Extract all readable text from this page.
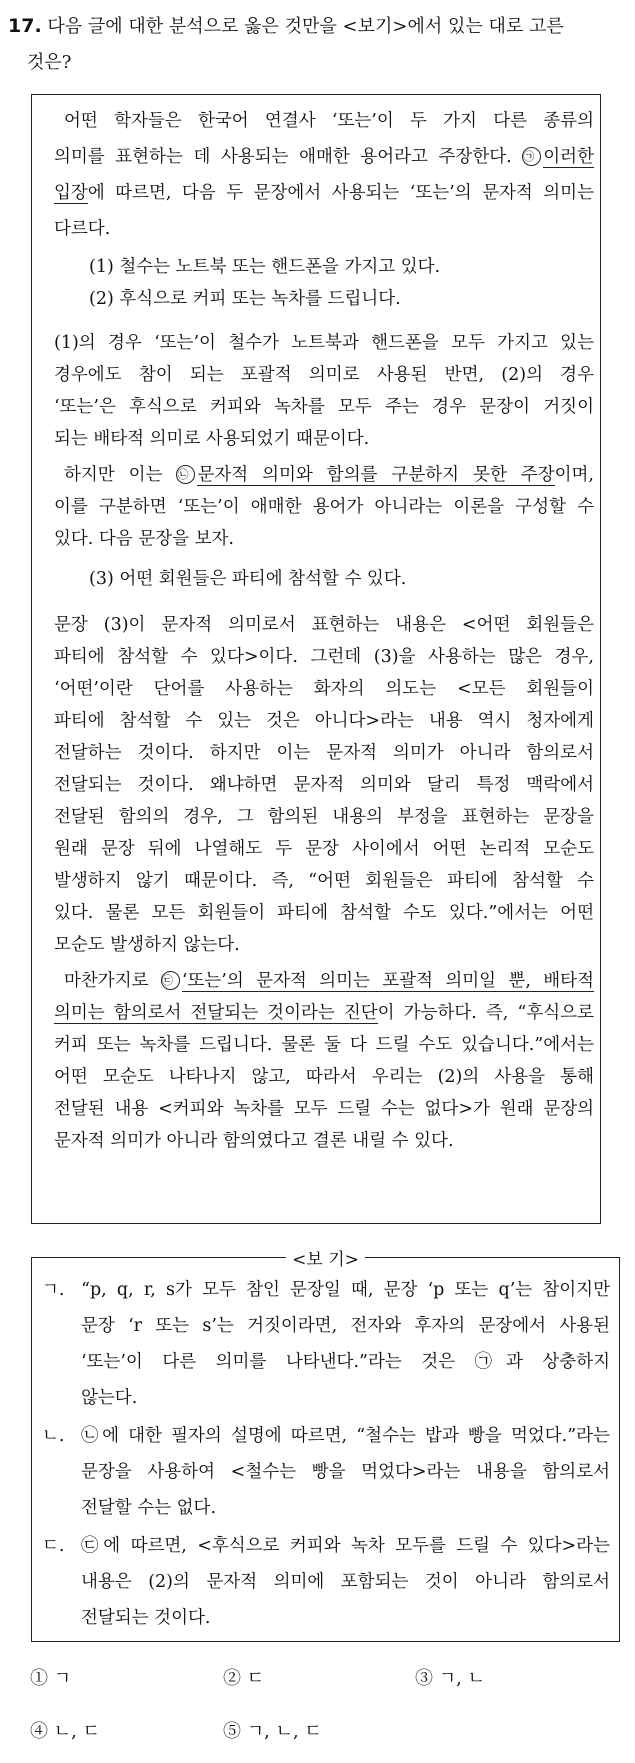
17. 다음 글에 대한 분석으로 옳은 것만을 <보기>에서 있는 대로 고른
것은?
어떤 학자들은 한국어 연결사 ‘또는’이 두 가지 다른 종류의
의미를 표현하는 데 사용되는 애매한 용어라고 주장한다. ㉠ 이러한
입장에 따르면, 다음 두 문장에서 사용되는 ‘또는’의 문자적 의미는
다르다.
(1) 철수는 노트북 또는 핸드폰을 가지고 있다.
(2) 후식으로 커피 또는 녹차를 드립니다.
(1)의 경우 ‘또는’이 철수가 노트북과 핸드폰을 모두 가지고 있는
경우에도 참이 되는 포괄적 의미로 사용된 반면, (2)의 경우
‘또는’은 후식으로 커피와 녹차를 모두 주는 경우 문장이 거짓이
되는 배타적 의미로 사용되었기 때문이다.
하지만 이는 ㉡ 문자적 의미와 함의를 구분하지 못한 주장이며,
이를 구분하면 ‘또는’이 애매한 용어가 아니라는 이론을 구성할 수
있다. 다음 문장을 보자.
(3) 어떤 회원들은 파티에 참석할 수 있다.
문장 (3)이 문자적 의미로서 표현하는 내용은 <어떤 회원들은
파티에 참석할 수 있다>이다. 그런데 (3)을 사용하는 많은 경우,
‘어떤’이란 단어를 사용하는 화자의 의도는 <모든 회원들이
파티에 참석할 수 있는 것은 아니다>라는 내용 역시 청자에게
전달하는 것이다. 하지만 이는 문자적 의미가 아니라 함의로서
전달되는 것이다. 왜냐하면 문자적 의미와 달리 특정 맥락에서
전달된 함의의 경우, 그 함의된 내용의 부정을 표현하는 문장을
원래 문장 뒤에 나열해도 두 문장 사이에서 어떤 논리적 모순도
발생하지 않기 때문이다. 즉, “어떤 회원들은 파티에 참석할 수
있다. 물론 모든 회원들이 파티에 참석할 수도 있다.”에서는 어떤
모순도 발생하지 않는다.
마찬가지로 ㉢ ‘또는’의 문자적 의미는 포괄적 의미일 뿐, 배타적
의미는 함의로서 전달되는 것이라는 진단이 가능하다. 즉, “후식으로
커피 또는 녹차를 드립니다. 물론 둘 다 드릴 수도 있습니다.”에서는
어떤 모순도 나타나지 않고, 따라서 우리는 (2)의 사용을 통해
전달된 내용 <커피와 녹차를 모두 드릴 수는 없다>가 원래 문장의
문자적 의미가 아니라 함의였다고 결론 내릴 수 있다.
<보 기>
ㄱ. “p, q, r, s가 모두 참인 문장일 때, 문장 ‘p 또는 q’는 참이지만
문장 ‘r 또는 s’는 거짓이라면, 전자와 후자의 문장에서 사용된
‘또는’이 다른 의미를 나타낸다.”라는 것은 ㉠과 상충하지
않는다.
ㄴ. ㉡에 대한 필자의 설명에 따르면, “철수는 밥과 빵을 먹었다.”라는
문장을 사용하여 <철수는 빵을 먹었다>라는 내용을 함의로서
전달할 수는 없다.
ㄷ. ㉢에 따르면, <후식으로 커피와 녹차 모두를 드릴 수 있다>라는
내용은 (2)의 문자적 의미에 포함되는 것이 아니라 함의로서
전달되는 것이다.
① ㄱ	② ㄷ	③ ㄱ, ㄴ
④ ㄴ, ㄷ	⑤ ㄱ, ㄴ, ㄷ
